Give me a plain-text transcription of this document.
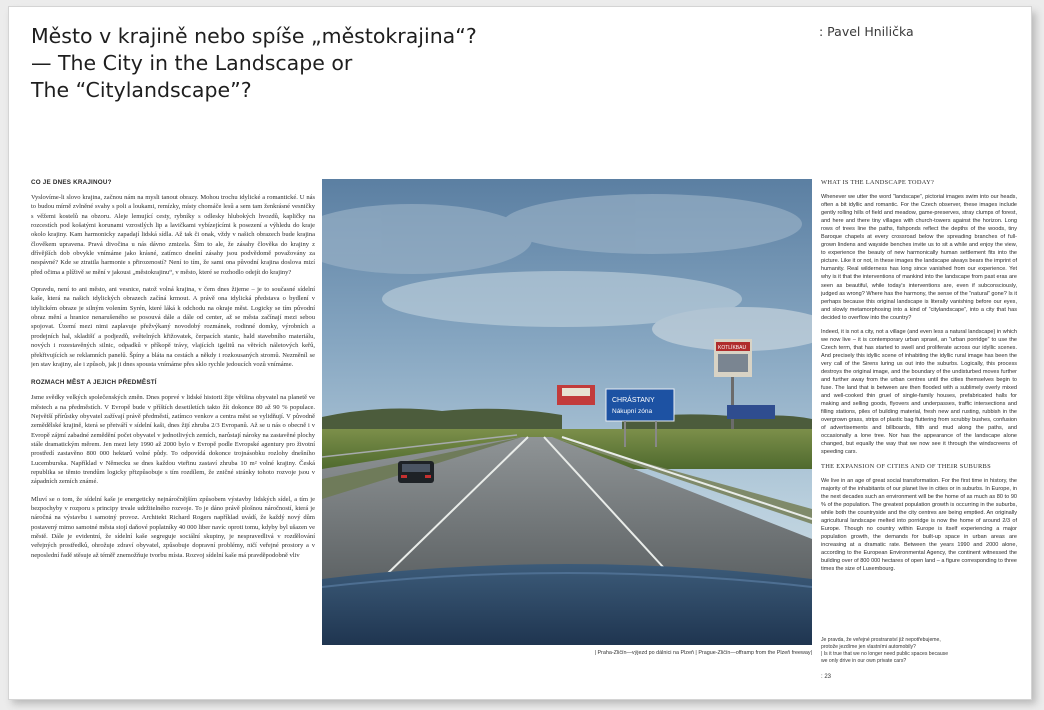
Město v krajině nebo spíše „městokrajina“?
— The City in the Landscape or
The “Citylandscape”?
: Pavel Hnilička
CO JE DNES KRAJINOU?

Vyslovíme-li slovo krajina, začnou nám na mysli tanout obrazy. Mohou trochu idylické a romantické. U nás to budou mírně zvlněné svahy s poli a loukami, remízky, místy chomáče lesů a sem tam ženkrásné vesničky s věžemi kostelů na obzoru. Aleje lemující cesty, rybníky s odlesky hlubokých hvozdů, kapličky na rozcestích pod košatými korunami vzrostlých lip a lavičkami vybízejícími k posezení a výhledu do kraje okolo krajiny. Kam harmonicky zapadají lidská sídla. Až tak či onak, vždy v našich obrazech bude krajina člověkem upravena. Pravá divočina u nás dávno zmizela. Šim to ale, že zásahy člověka do krajiny z dřívějších dob obvykle vnímáme jako krásné, zatímco dnešní zásahy jsou podvědomě považovány za nespávné? Kde se ztratila harmonie s přirozeností? Není to tím, že sami ona původní krajina doslova mizí před očima a plíživě se mění v jakousi „městokrajinu“, v město, které se rozhodlo odejít do krajiny?

Opravdu, není to ani město, ani vesnice, natož volná krajina, v čem dnes žijeme – je to současné sídelní kaše, která na našich idylických obrazech začíná krmout. A právě ona idylická představa o bydlení v idylickém obraze je silným volením Syrén, které láká k odchodu na okraje měst. Logicky se tím původní obraz mění a hranice nenarušeného se posouvá dále a dále od center, až se města začínají mezi sebou spojovat. Území mezi nimi zaplavuje přežvýkaný novodobý rozmánek, rodinné domky, výrobních a prodejních hal, skladišť a podjezdů, světelných křižovatek, čerpacích stanic, hald stavebního materiálu, nových i rozestavěných silnic, odpadků v příkopě trávy, vlajících igelitů na větvích náletových keřů, překřivujících se reklamních panelů. Špíny a bláta na cestách a někdy i rozkousaných stromů. Nezměníl se jen stav krajiny, ale i způsob, jak ji dnes spousta vnímáme přes sklo rychle jedoucích vozů vnímáme.

ROZMACH MĚST A JEJICH PŘEDMĚSTÍ

Jsme svědky velkých společenských změn. Dnes poprvé v lidské historii žije většina obyvatel na planetě ve městech a na předměstích. V Evropě bude v příštích desetiletích takto žít dokonce 80 až 90 % populace. Největší přírůstky obyvatel zažívají právě předměstí, zatímco venkov a centra měst se vylidňují. V původně zemědělské krajině, která se přetváří v sídelní kaši, dnes žijí zhruba 2/3 Evropanů. Až se u nás o obecně i v Evropě zájmí zabadné zemědění počet obyvatel v jednotlivých zemích, narůstají nároky na zastavěné plochy stále dramatickým měrem. Jen mezi lety 1990 až 2000 bylo v Evropě podle Evropské agentury pro životní prostředí zastavěno 800 000 hektarů volné půdy. To odpovídá dokonce trojnásobku rozlohy dnešního Lucemburska. Například v Německu se dnes každou vteřinu zastaví zhruba 10 m² volné krajiny. Česká republika se těmto trendům logicky přizpůsobuje s tím rozdílem, že zničné stránky tohoto rozvoje jsou v západních zemích známé.

Mluví se o tom, že sídelní kaše je energeticky nejnáročnějším způsobem výstavby lidských sídel, a tím je bezpochyby v rozporu s principy trvale udržitelného rozvoje. To je dáno právě plošnou náročností, která je náročná na výstavbu i samotný provoz. Architekt Richard Rogers například uvádí, že každý nový dům postavený mimo samotné města stojí daňové poplatníky 40 000 liber navíc oproti tomu, kdyby byl ušazen ve městě. Dále je evidentní, že sídelní kaše segreguje sociální skupiny, je nespravedlivá v rozdělování veřejných prostředků, ohrožuje zdraví obyvatel, způsobuje dopravní problémy, ničí veřejné prostory a v neposlední řadě stěsuje až téměř znemožňuje tvorbu místa. Rozvoj sídelní kaše má pravděpodobně vliv

KOTLÍKBAU
CHRÁSTANY
Nákupní zóna
| Praha-Zličín—výjezd po dálnici na Plzeň | Prague-Zličín—offramp from the Plzeň freeway|
WHAT IS THE LANDSCAPE TODAY?

Whenever we utter the word “landscape”, pictorial images swim into our heads, often a bit idyllic and romantic. For the Czech observer, these images include gently rolling hills of field and meadow, game-preserves, stray clumps of forest, and here and there tiny villages with church-towers against the horizon. Long rows of trees line the paths, fishponds reflect the depths of the woods, tiny Baroque chapels at every crossroad below the spreading branches of full-grown lindens and wayside benches invite us to sit a while and enjoy the view, to experience the beauty of new harmonically human settlement fits into the picture. Like it or not, in these images the landscape always bears the imprint of humanity. Real wilderness has long since vanished from our experience. Yet why is it that the interventions of mankind into the landscape from past eras are seen as beautiful, while today's interventions are, even if subconsciously, judged as wrong? Where has the harmony, the sense of the “natural” gone? Is it perhaps because this original landscape is literally vanishing before our eyes, and slowly metamorphosing into a kind of “citylandscape”, into a city that has decided to overflow into the country?

Indeed, it is not a city, not a village (and even less a natural landscape) in which we now live – it is contemporary urban sprawl, an “urban porridge” to use the Czech term, that has started to swell and proliferate across our idyllic scenes. And precisely this idyllic scene of inhabiting the idyllic rural image has been the very call of the Sirens luring us out into the suburbs. Logically, this process destroys the original image, and the boundary of the undisturbed moves further and further away from the urban centres until the cities themselves begin to fuse. The land that is between are then flooded with a sublimely overly mixed and well-cooked thin gruel of single-family houses, prefabricated halls for making and selling goods, flyovers and underpasses, traffic intersections and filling stations, piles of building material, fresh new and rusting, rubbish in the overgrown grass, strips of plastic bag fluttering from scrubby bushes, confusion of advertisements and billboards, filth and mud along the paths, and occasionally a lone tree. Nor has the appearance of the landscape alone changed, but equally the way that we now see it through the windscreens of speeding cars.

THE EXPANSION OF CITIES AND OF THEIR SUBURBS

We live in an age of great social transformation. For the first time in history, the majority of the inhabitants of our planet live in cities or in suburbs. In Europe, in the next decades such an environment will be the home of as much as 80 to 90 % of the population. The greatest population growth is occurring in the suburbs, while both the countryside and the city centres are being emptied. An originally agricultural landscape melted into porridge is now the home of around 2/3 of Europe. Though no country within Europe is itself experiencing a major population growth, the demands for built-up space in urban areas are increasing at a dramatic rate. Between the years 1990 and 2000 alone, according to the European Environmental Agency, the continent witnessed the building over of 800 000 hectares of open land – a figure corresponding to three times the size of Luxembourg.

Je pravda, že veřejné prostranství již nepotřebujeme,
protože jezdíme jen vlastními automobily?
| Is it true that we no longer need public spaces because
we only drive in our own private cars?
: 23
